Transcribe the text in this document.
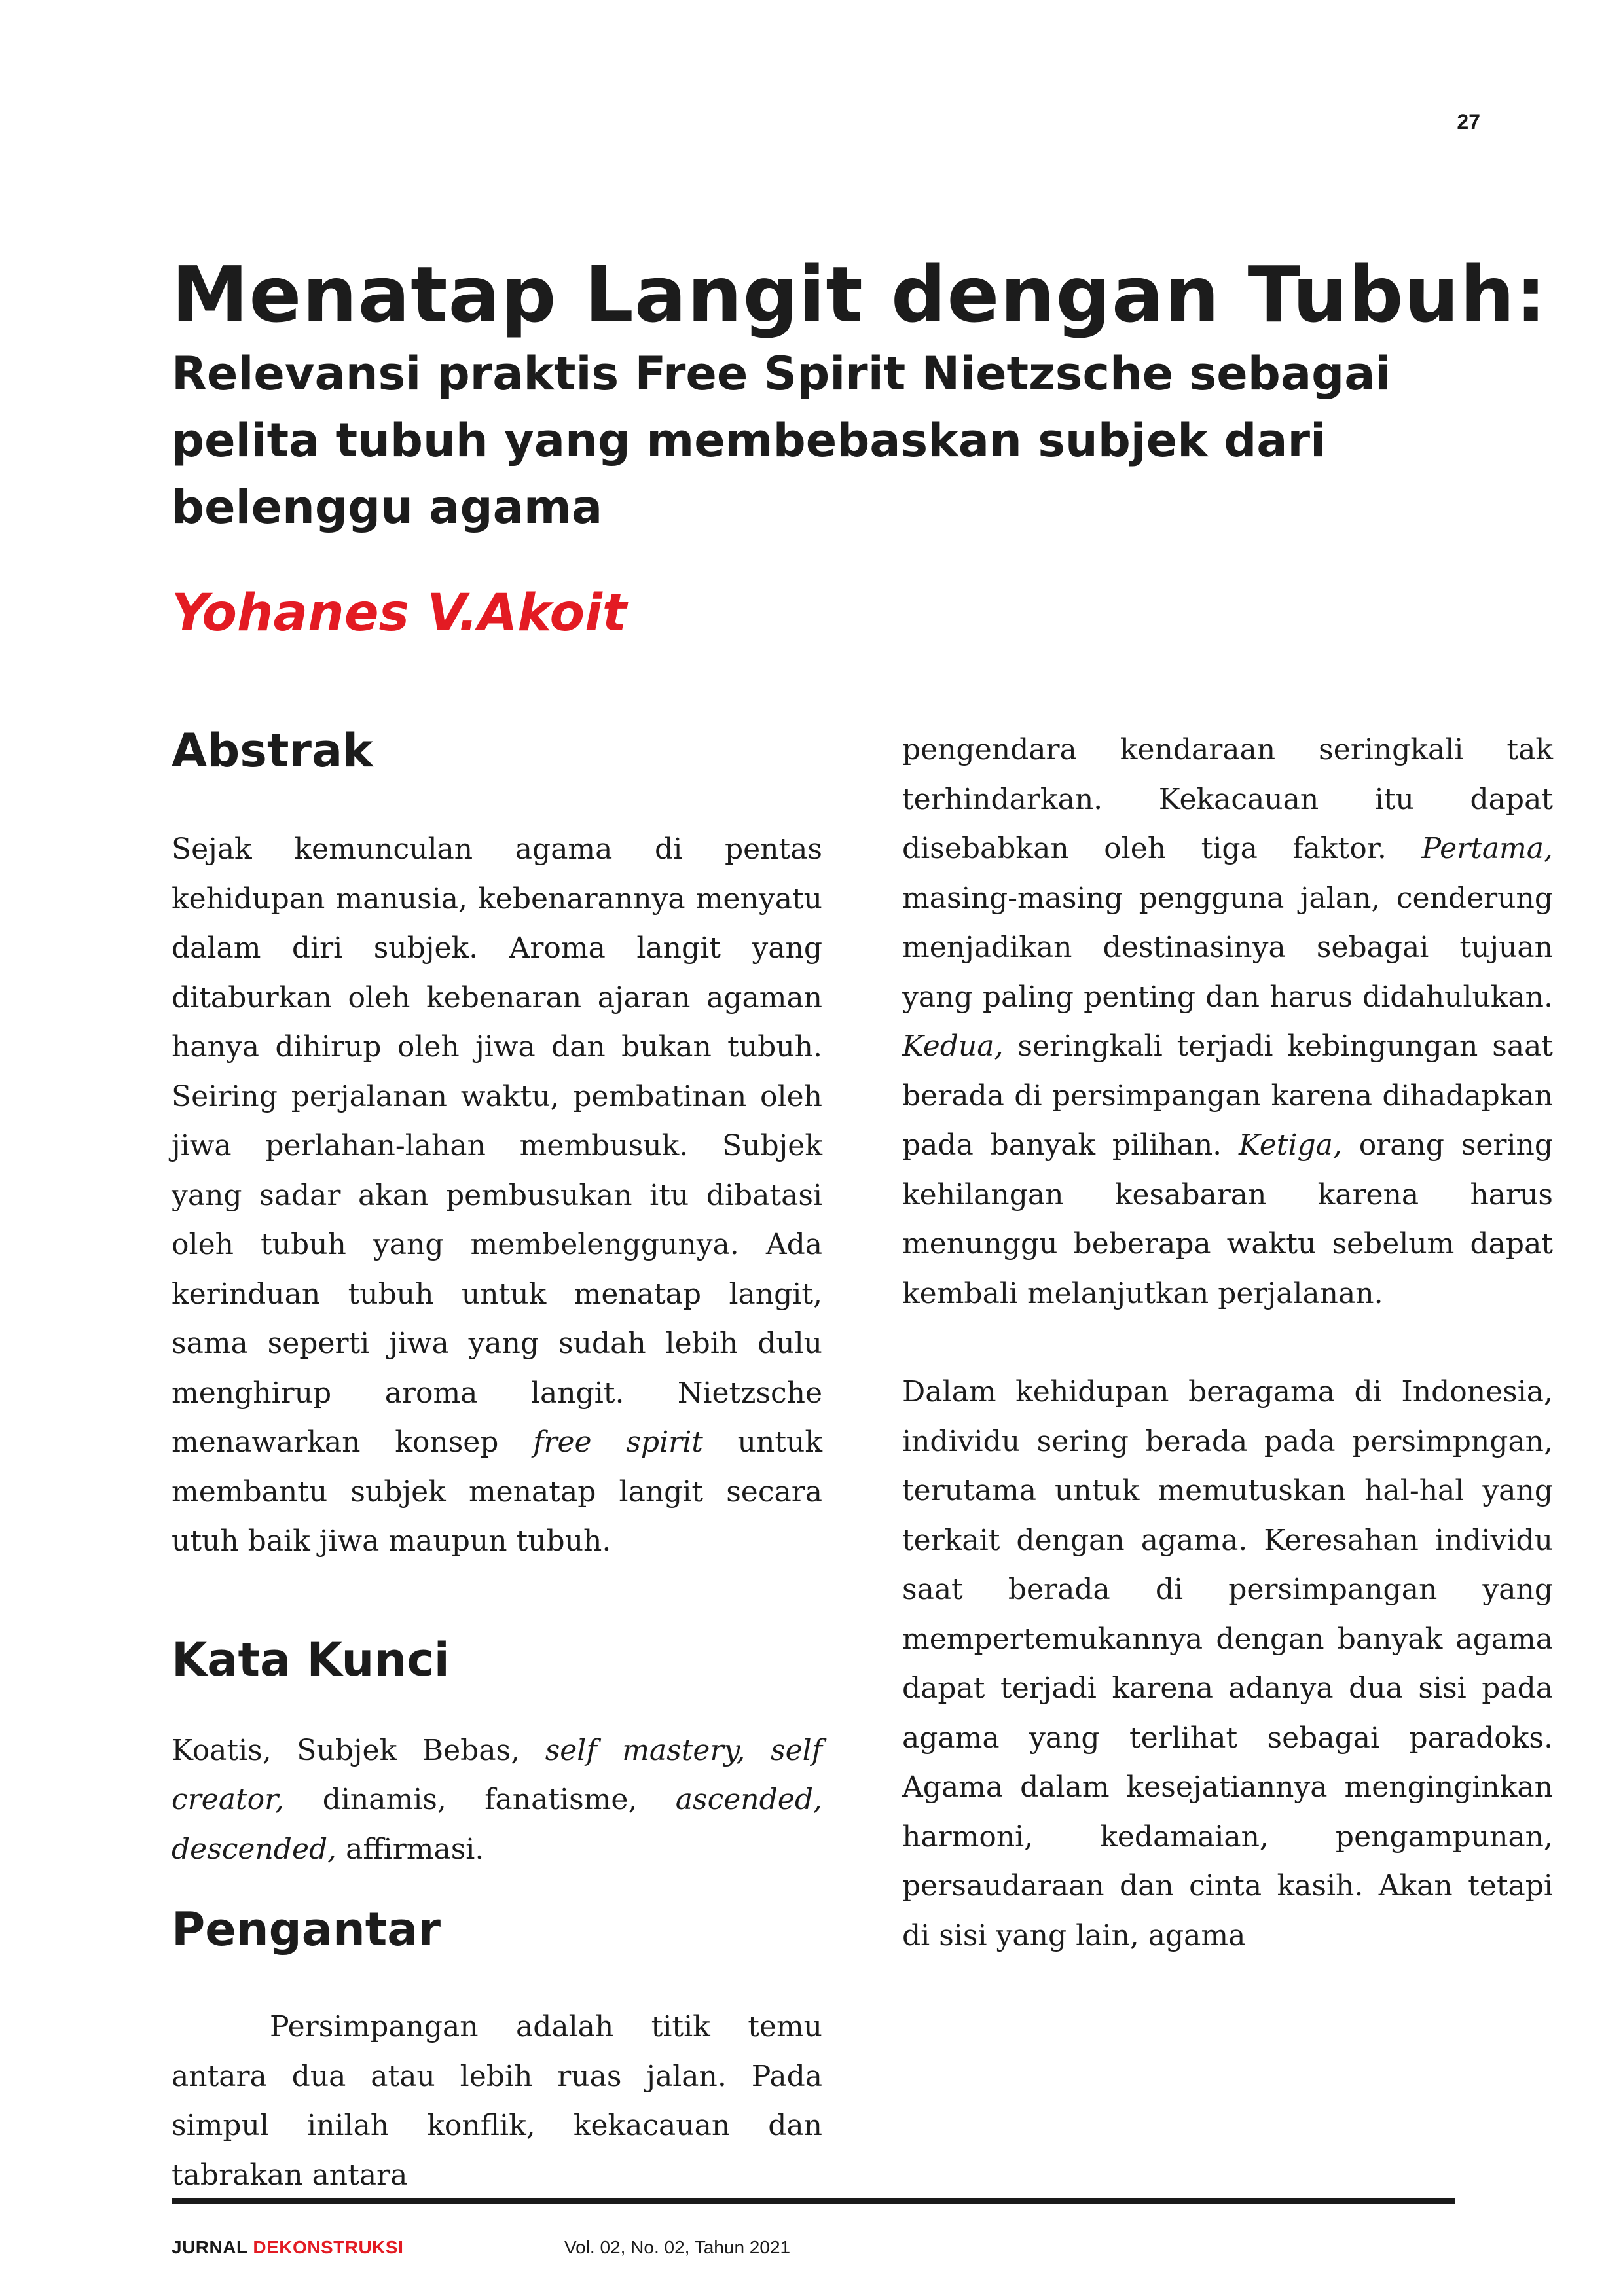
27
Menatap Langit dengan Tubuh:
Relevansi praktis Free Spirit Nietzsche sebagai pelita tubuh yang membebaskan subjek dari belenggu agama
Yohanes V.Akoit
Abstrak

Sejak kemunculan agama di pentas kehidupan manusia, kebenarannya menyatu dalam diri subjek. Aroma langit yang ditaburkan oleh kebenaran ajaran agaman hanya dihirup oleh jiwa dan bukan tubuh. Seiring perjalanan waktu, pembatinan oleh jiwa perlahan-lahan membusuk. Subjek yang sadar akan pembusukan itu dibatasi oleh tubuh yang membelenggunya. Ada kerinduan tubuh untuk menatap langit, sama seperti jiwa yang sudah lebih dulu menghirup aroma langit. Nietzsche menawarkan konsep free spirit untuk membantu subjek menatap langit secara utuh baik jiwa maupun tubuh.

Kata Kunci

Koatis, Subjek Bebas, self mastery, self creator, dinamis, fanatisme, ascended, descended, affirmasi.

Pengantar

Persimpangan adalah titik temu antara dua atau lebih ruas jalan. Pada simpul inilah konflik, kekacauan dan tabrakan antara

pengendara kendaraan seringkali tak terhindarkan. Kekacauan itu dapat disebabkan oleh tiga faktor. Pertama, masing-masing pengguna jalan, cenderung menjadikan destinasinya sebagai tujuan yang paling penting dan harus didahulukan. Kedua, seringkali terjadi kebingungan saat berada di persimpangan karena dihadapkan pada banyak pilihan. Ketiga, orang sering kehilangan kesabaran karena harus menunggu beberapa waktu sebelum dapat kembali melanjutkan perjalanan.

Dalam kehidupan beragama di Indonesia, individu sering berada pada persimpngan, terutama untuk memutuskan hal-hal yang terkait dengan agama. Keresahan individu saat berada di persimpangan yang mempertemukannya dengan banyak agama dapat terjadi karena adanya dua sisi pada agama yang terlihat sebagai paradoks. Agama dalam kesejatiannya menginginkan harmoni, kedamaian, pengampunan, persaudaraan dan cinta kasih. Akan tetapi di sisi yang lain, agama

JURNAL DEKONSTRUKSI	Vol. 02, No. 02, Tahun 2021
